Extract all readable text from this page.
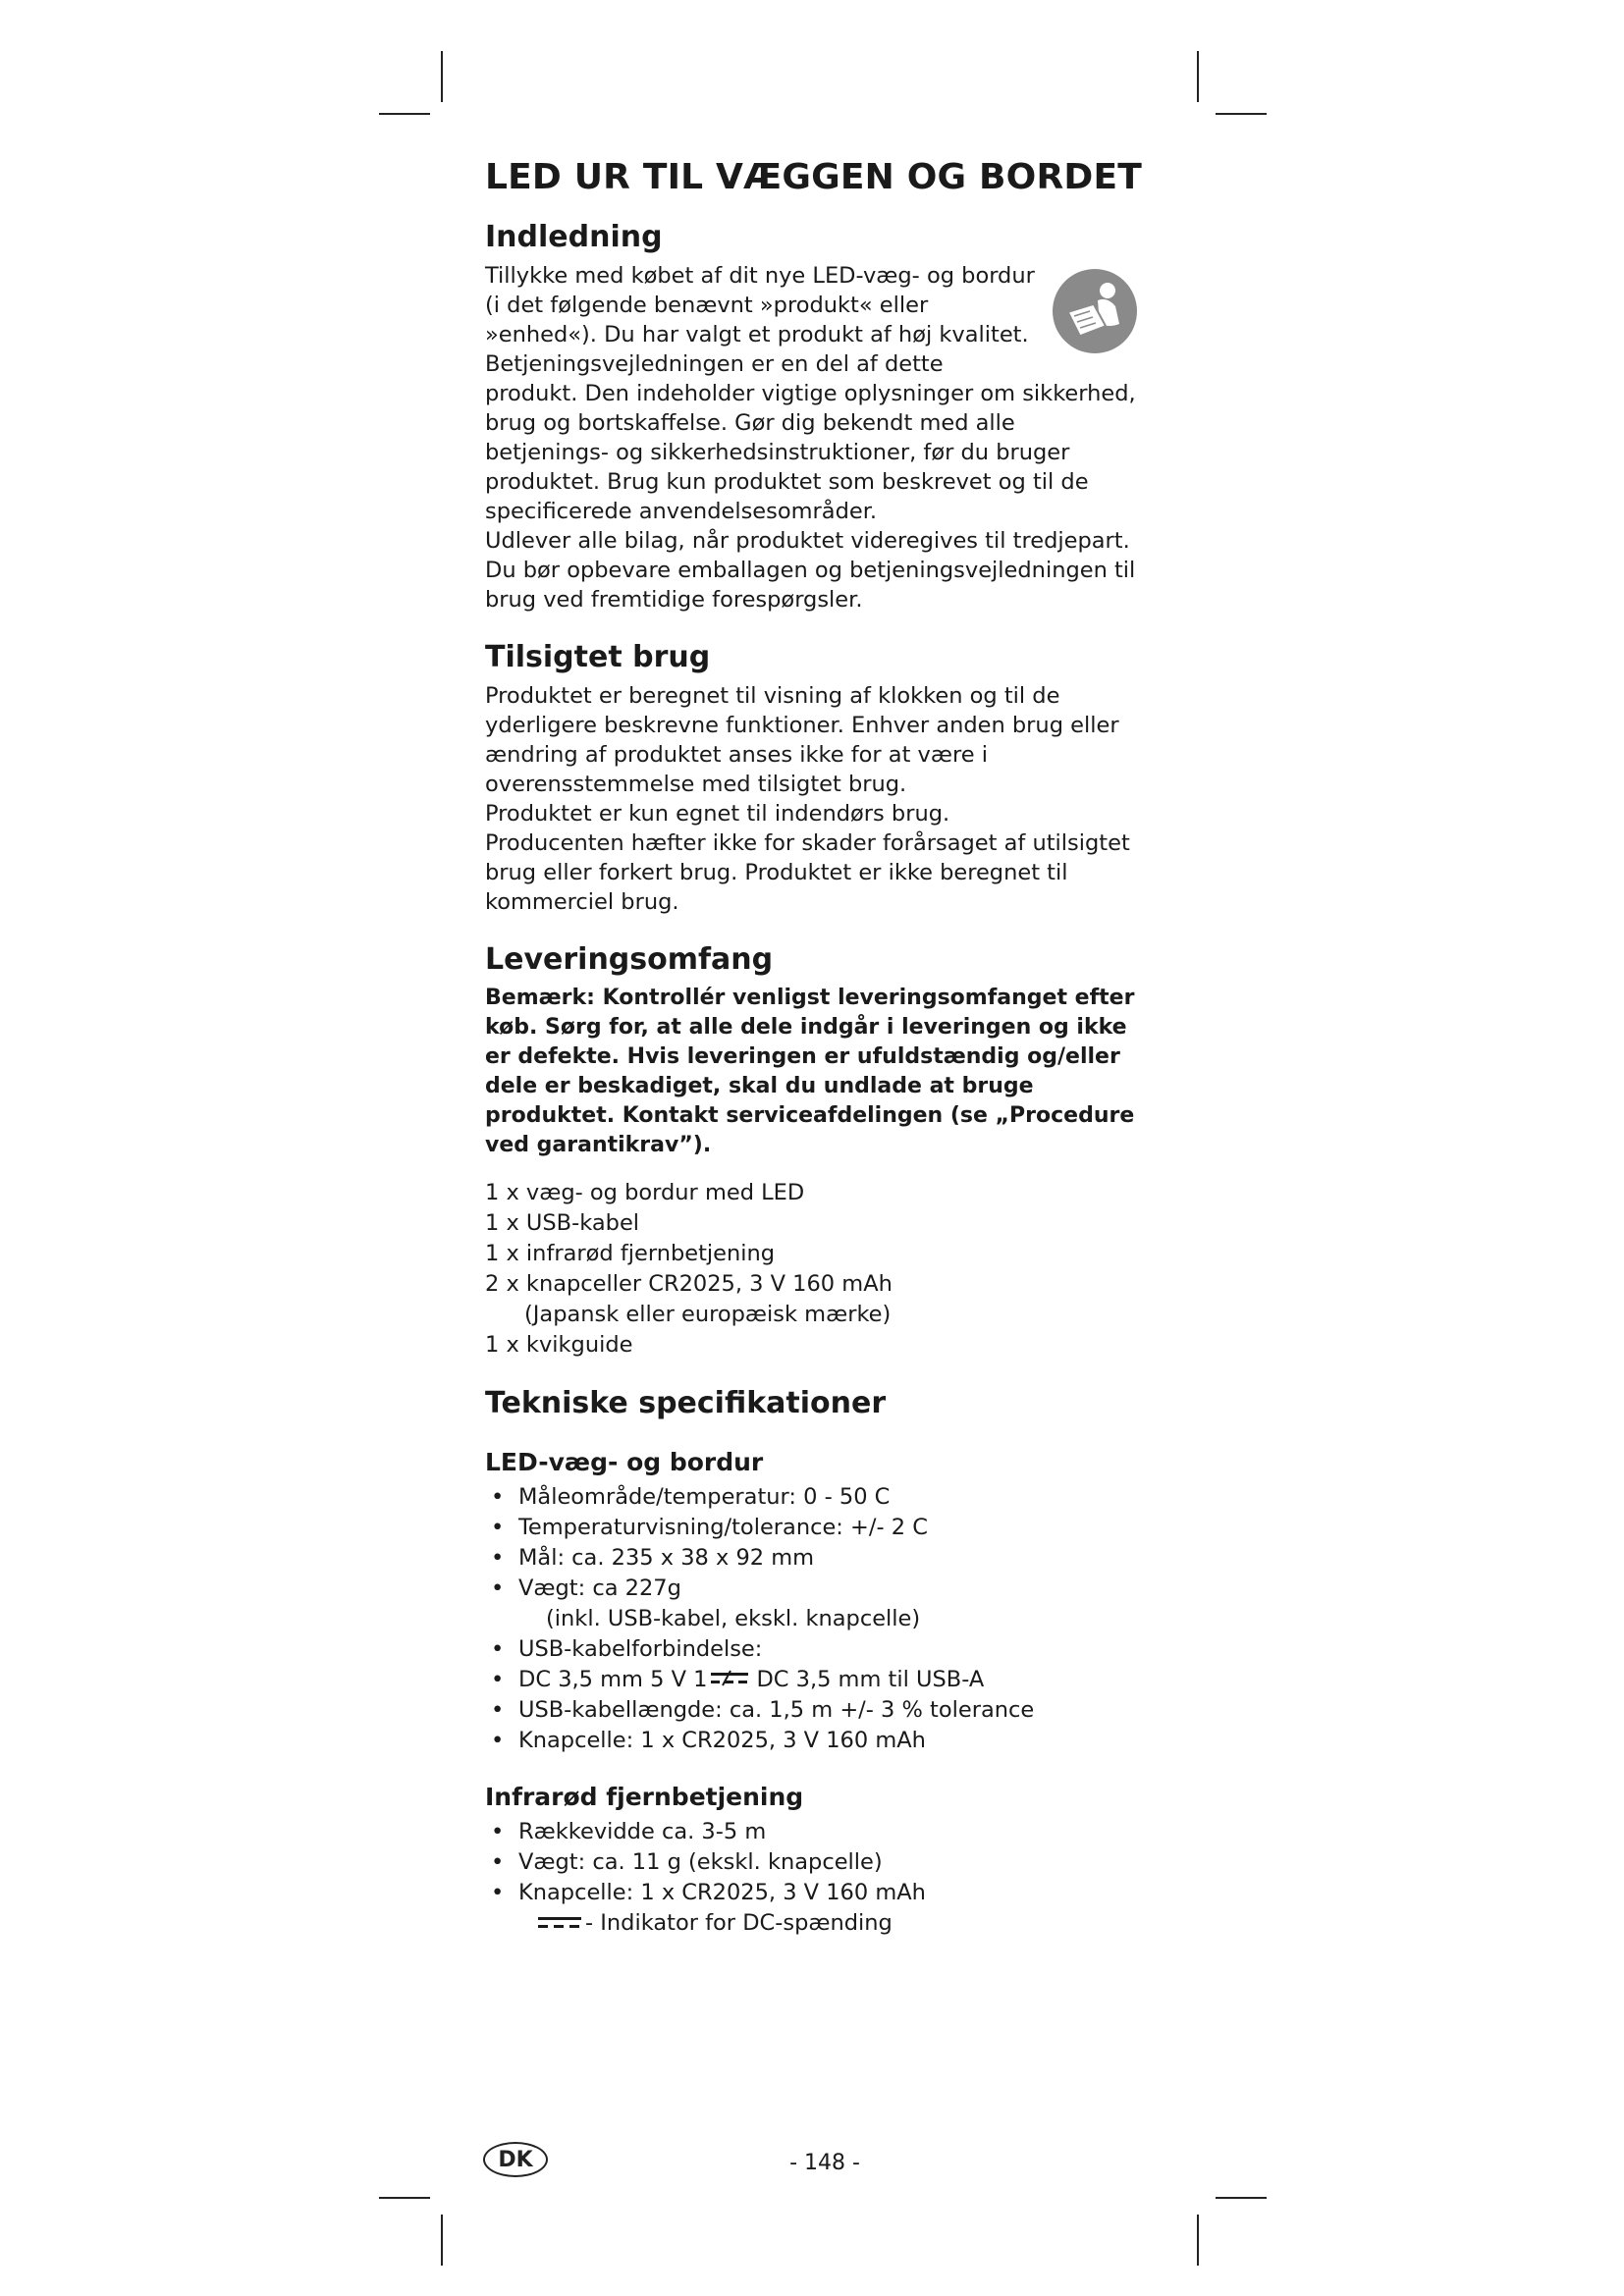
LED UR TIL VÆGGEN OG BORDET
Indledning

Tillykke med købet af dit nye LED-væg- og bordur (i det følgende benævnt »produkt« eller »enhed«). Du har valgt et produkt af høj kvalitet. Betjeningsvejledningen er en del af dette produkt. Den indeholder vigtige oplysninger om sikkerhed, brug og bortskaffelse. Gør dig bekendt med alle betjenings- og sikkerhedsinstruktioner, før du bruger produktet. Brug kun produktet som beskrevet og til de specificerede anvendelsesområder.

Udlever alle bilag, når produktet videregives til tredjepart.

Du bør opbevare emballagen og betjeningsvejledningen til brug ved fremtidige forespørgsler.

Tilsigtet brug

Produktet er beregnet til visning af klokken og til de yderligere beskrevne funktioner. Enhver anden brug eller ændring af produktet anses ikke for at være i overensstemmelse med tilsigtet brug.

Produktet er kun egnet til indendørs brug.

Producenten hæfter ikke for skader forårsaget af utilsigtet brug eller forkert brug. Produktet er ikke beregnet til kommerciel brug.

Leveringsomfang

Bemærk: Kontrollér venligst leveringsomfanget efter køb. Sørg for, at alle dele indgår i leveringen og ikke er defekte. Hvis leveringen er ufuldstændig og/eller dele er beskadiget, skal du undlade at bruge produktet. Kontakt serviceafdelingen (se „Procedure ved garantikrav”).

1 x væg- og bordur med LED
1 x USB-kabel
1 x infrarød fjernbetjening
2 x knapceller CR2025, 3 V 160 mAh
(Japansk eller europæisk mærke)
1 x kvikguide
Tekniske specifikationer
LED-væg- og bordur
• Måleområde/temperatur: 0 - 50 C
• Temperaturvisning/tolerance: +/- 2 C
• Mål: ca. 235 x 38 x 92 mm
• Vægt: ca 227g
(inkl. USB-kabel, ekskl. knapcelle)
• USB-kabelforbindelse:
• DC 3,5 mm 5 V 1 DC 3,5 mm til USB-A
• USB-kabellængde: ca. 1,5 m +/- 3 % tolerance
• Knapcelle: 1 x CR2025, 3 V 160 mAh
Infrarød fjernbetjening
• Rækkevidde ca. 3-5 m
• Vægt: ca. 11 g (ekskl. knapcelle)
• Knapcelle: 1 x CR2025, 3 V 160 mAh
- Indikator for DC-spænding
DK	- 148 -
